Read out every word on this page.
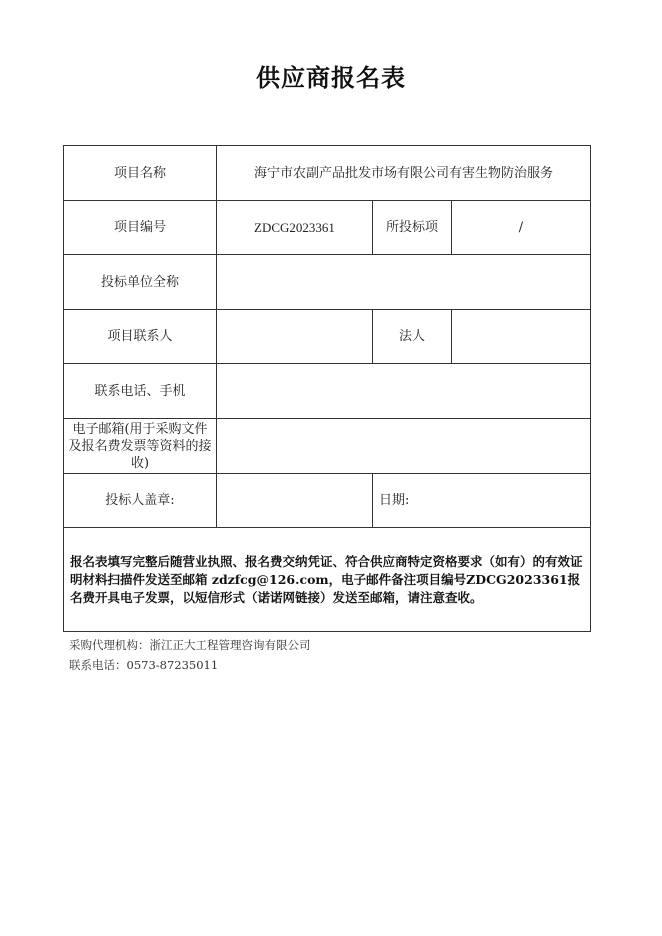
供应商报名表
项目名称	海宁市农副产品批发市场有限公司有害生物防治服务		
项目编号	ZDCG2023361	所投标项	/
投标单位全称			
项目联系人		法人	
联系电话、手机			
电子邮箱(用于采购文件及报名费发票等资料的接收)			
投标人盖章:		日期:	
报名表填写完整后随营业执照、报名费交纳凭证、符合供应商特定资格要求（如有）的有效证明材料扫描件发送至邮箱 zdzfcg@126.com，电子邮件备注项目编号ZDCG2023361报名费开具电子发票，以短信形式（诺诺网链接）发送至邮箱，请注意查收。			
采购代理机构：浙江正大工程管理咨询有限公司
联系电话：0573-87235011
